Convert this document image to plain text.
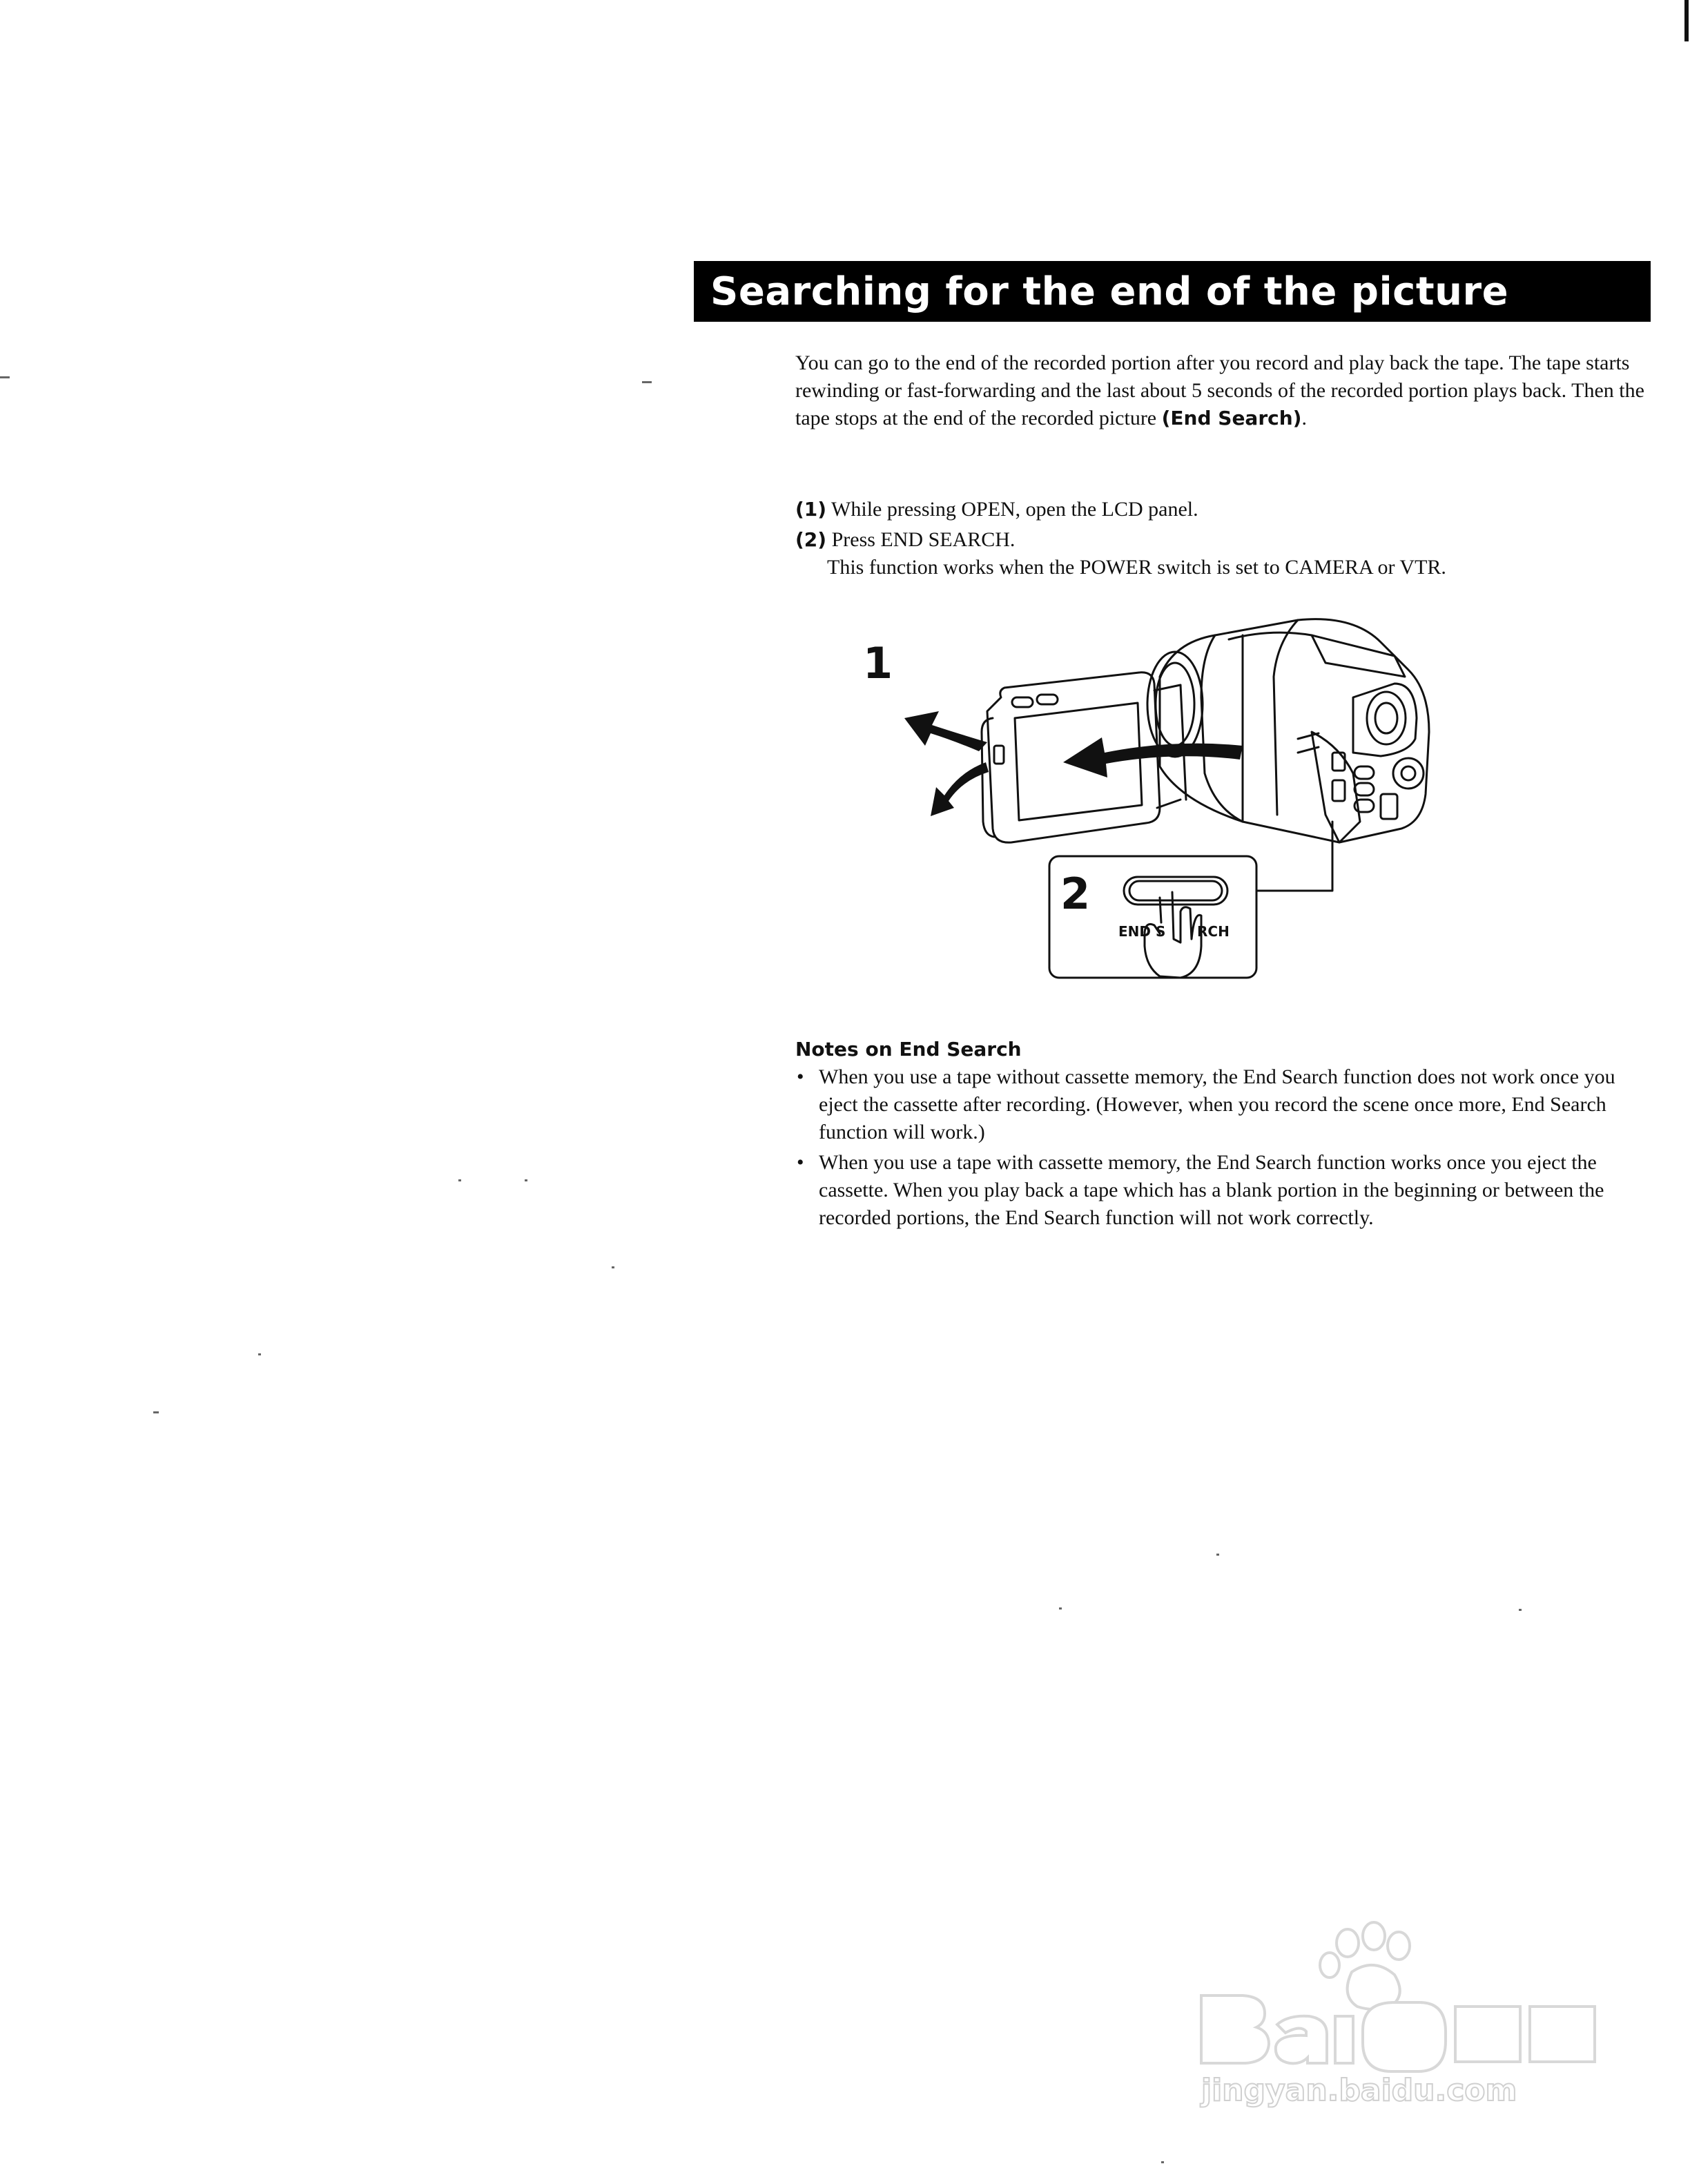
Searching for the end of the picture
You can go to the end of the recorded portion after you record and play back the tape. The tape starts rewinding or fast-forwarding and the last about 5 seconds of the recorded portion plays back. Then the tape stops at the end of the recorded picture (End Search).
(1) While pressing OPEN, open the LCD panel.
(2) Press END SEARCH.
This function works when the POWER switch is set to CAMERA or VTR.
1
2
END S RCH
Notes on End Search
• When you use a tape without cassette memory, the End Search function does not work once you eject the cassette after recording. (However, when you record the scene once more, End Search function will work.)
• When you use a tape with cassette memory, the End Search function works once you eject the cassette. When you play back a tape which has a blank portion in the beginning or between the recorded portions, the End Search function will not work correctly.
jingyan.baidu.com
